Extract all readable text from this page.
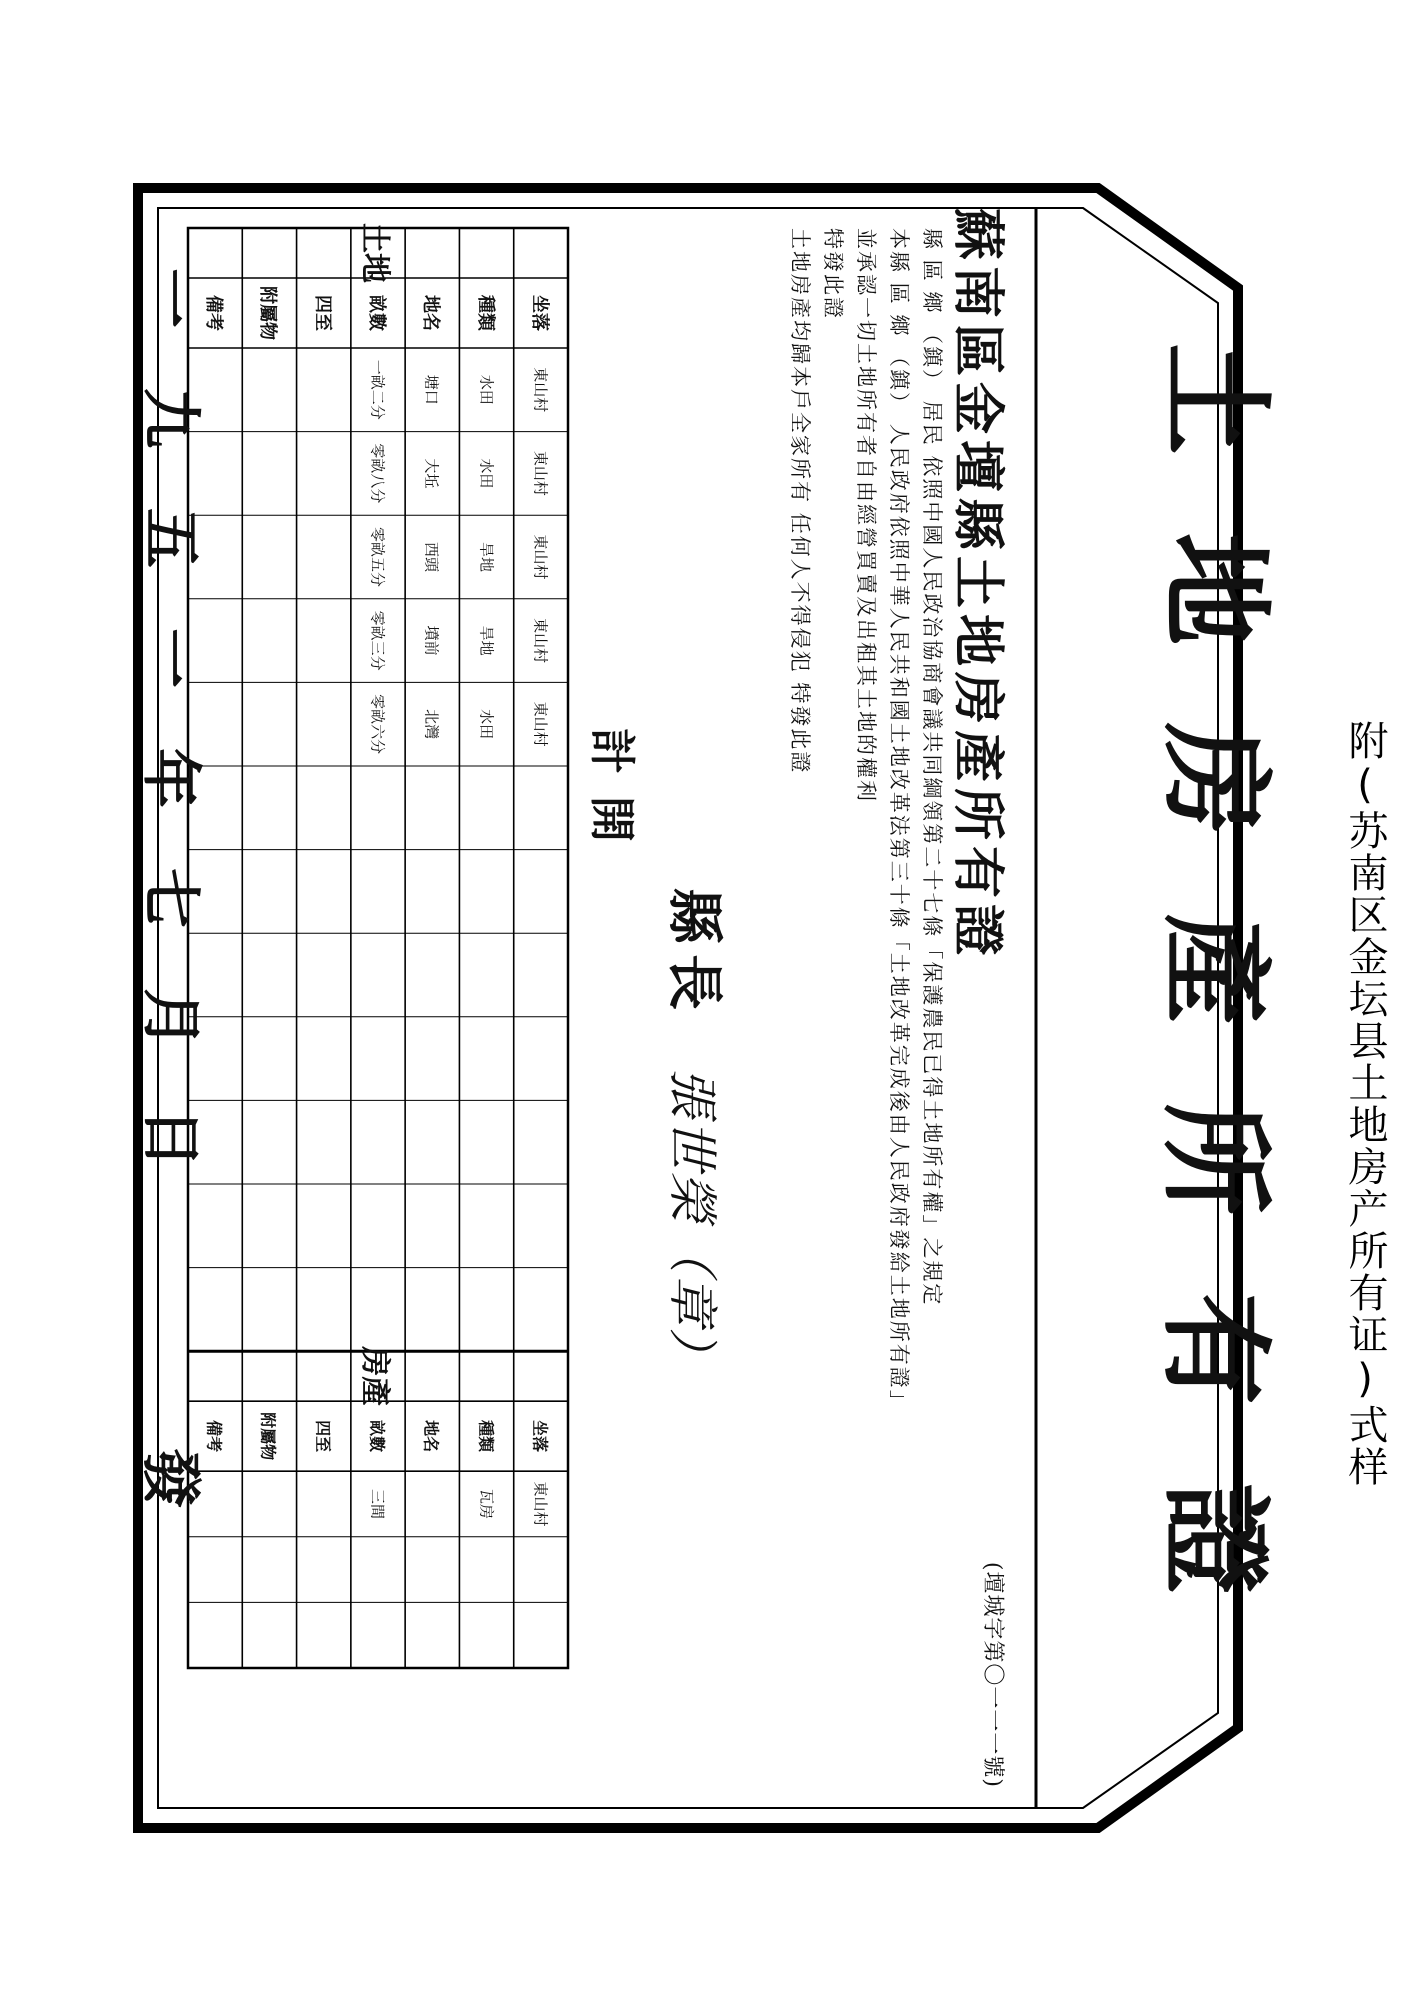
土地房產所有證
蘇南區金壇縣土地房產所有證
(壇城字第〇一一一號)

縣 區 鄉 （鎮） 居民 依照中國人民政治協商會議共同綱領第二十七條「保護農民已得土地所有權」之規定

本縣 區 鄉 （鎮） 人民政府依照中華人民共和國土地改革法第三十條「土地改革完成後由人民政府發給土地所有證」

並承認一切土地所有者自由經營買賣及出租其土地的權利

特發此證

土地房產均歸本戶全家所有 任何人不得侵犯 特發此證

縣長 張世榮（章）
計開
土地
房產
坐落
坐落
種類
種類
地名
地名
畝數
畝數
四至
四至
附屬物
附屬物
備考
備考
東山村
水田
塘口
一畝二分
東山村
水田
大坵
零畝八分
東山村
旱地
西頭
零畝五分
東山村
旱地
墳前
零畝三分
東山村
水田
北灣
零畝六分
東山村
瓦房
三間
一九五一年七月日
發	附(苏南区金坛县土地房产所有证)式样
